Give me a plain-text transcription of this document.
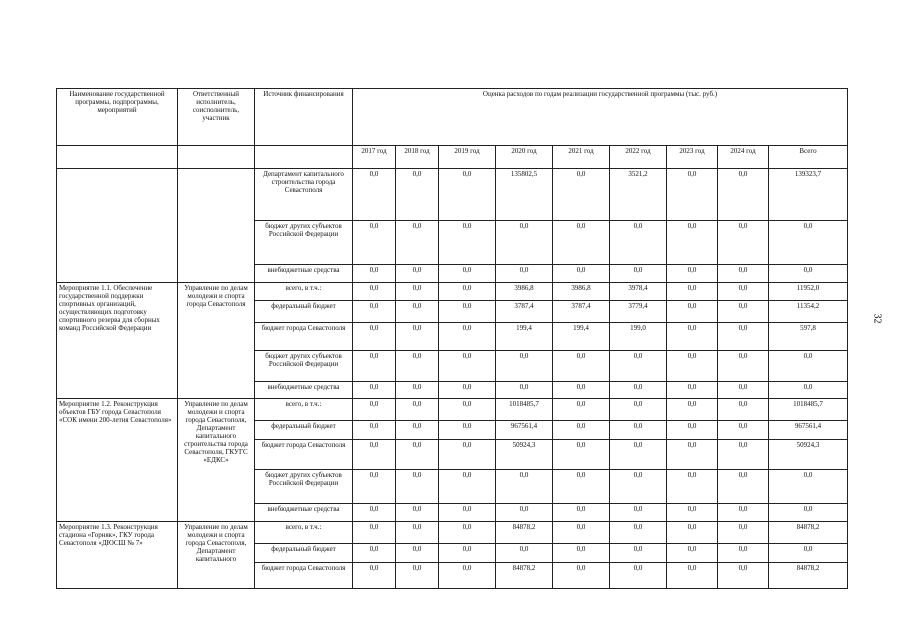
Наименование государственной программы, подпрограммы, мероприятий	Ответственный исполнитель, соисполнитель, участник	Источник финансирования	Оценка расходов по годам реализации государственной программы (тыс. руб.)								
			2017 год	2018 год	2019 год	2020 год	2021 год	2022 год	2023 год	2024 год	Всего
		Департамент капитального строительства города Севастополя	0,0	0,0	0,0	135802,5	0,0	3521,2	0,0	0,0	139323,7
		бюджет других субъектов Российской Федерации	0,0	0,0	0,0	0,0	0,0	0,0	0,0	0,0	0,0
		внебюджетные средства	0,0	0,0	0,0	0,0	0,0	0,0	0,0	0,0	0,0
Мероприятие 1.1. Обеспечение государственной поддержки спортивных организаций, осуществляющих подготовку спортивного резерва для сборных команд Российской Федерации	Управление по делам молодежи и спорта города Севастополя	всего, в т.ч.:	0,0	0,0	0,0	3986,8	3986,8	3978,4	0,0	0,0	11952,0
		федеральный бюджет	0,0	0,0	0,0	3787,4	3787,4	3779,4	0,0	0,0	11354,2
		бюджет города Севастополя	0,0	0,0	0,0	199,4	199,4	199,0	0,0	0,0	597,8
		бюджет других субъектов Российской Федерации	0,0	0,0	0,0	0,0	0,0	0,0	0,0	0,0	0,0
		внебюджетные средства	0,0	0,0	0,0	0,0	0,0	0,0	0,0	0,0	0,0
Мероприятие 1.2. Реконструкция объектов ГБУ города Севастополя «СОК имени 200-летия Севастополя»	Управление по делам молодежи и спорта города Севастополя, Департамент капитального строительства города Севастополя, ГКУГС «ЕДКС»	всего, в т.ч.:	0,0	0,0	0,0	1018485,7	0,0	0,0	0,0	0,0	1018485,7
		федеральный бюджет	0,0	0,0	0,0	967561,4	0,0	0,0	0,0	0,0	967561,4
		бюджет города Севастополя	0,0	0,0	0,0	50924,3	0,0	0,0	0,0	0,0	50924,3
		бюджет других субъектов Российской Федерации	0,0	0,0	0,0	0,0	0,0	0,0	0,0	0,0	0,0
		внебюджетные средства	0,0	0,0	0,0	0,0	0,0	0,0	0,0	0,0	0,0
Мероприятие 1.3. Реконструкция стадиона «Горняк», ГКУ города Севастополя «ДЮСШ № 7»	Управление по делам молодежи и спорта города Севастополя, Департамент капитального	всего, в т.ч.:	0,0	0,0	0,0	84878,2	0,0	0,0	0,0	0,0	84878,2
		федеральный бюджет	0,0	0,0	0,0	0,0	0,0	0,0	0,0	0,0	0,0
		бюджет города Севастополя	0,0	0,0	0,0	84878,2	0,0	0,0	0,0	0,0	84878,2
32
